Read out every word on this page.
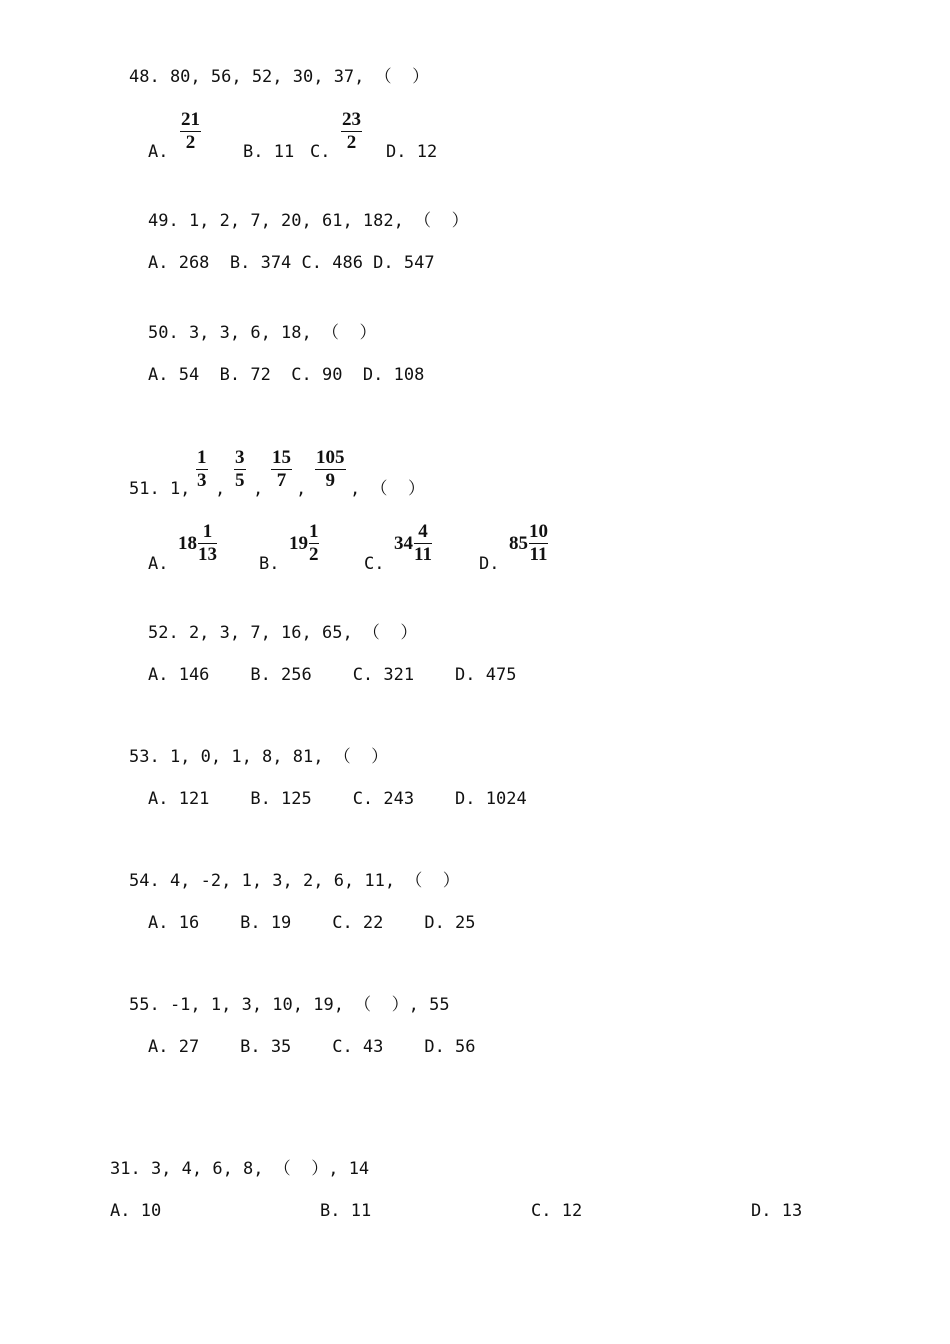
48. 80, 56, 52, 30, 37, （  ）
A.
21
2	B. 11 C.
23
2 D. 12
49. 1, 2, 7, 20, 61, 182, （  ）
A. 268  B. 374 C. 486 D. 547
50. 3, 3, 6, 18, （  ）
A. 54  B. 72  C. 90  D. 108
51. 1,
1
3 ,
3
5 ,
15
7 ,
105
9 , （  ）
A.
18
1
13 B.
19
1
2	C.
34
4
11	D.
85
10
11
52. 2, 3, 7, 16, 65, （  ）
A. 146    B. 256    C. 321    D. 475
53. 1, 0, 1, 8, 81, （  ）
A. 121    B. 125    C. 243    D. 1024
54. 4, -2, 1, 3, 2, 6, 11, （  ）
A. 16    B. 19    C. 22    D. 25
55. -1, 1, 3, 10, 19, （  ）, 55
A. 27    B. 35    C. 43    D. 56
31. 3, 4, 6, 8, （  ）, 14
A. 10	B. 11	C. 12	D. 13
